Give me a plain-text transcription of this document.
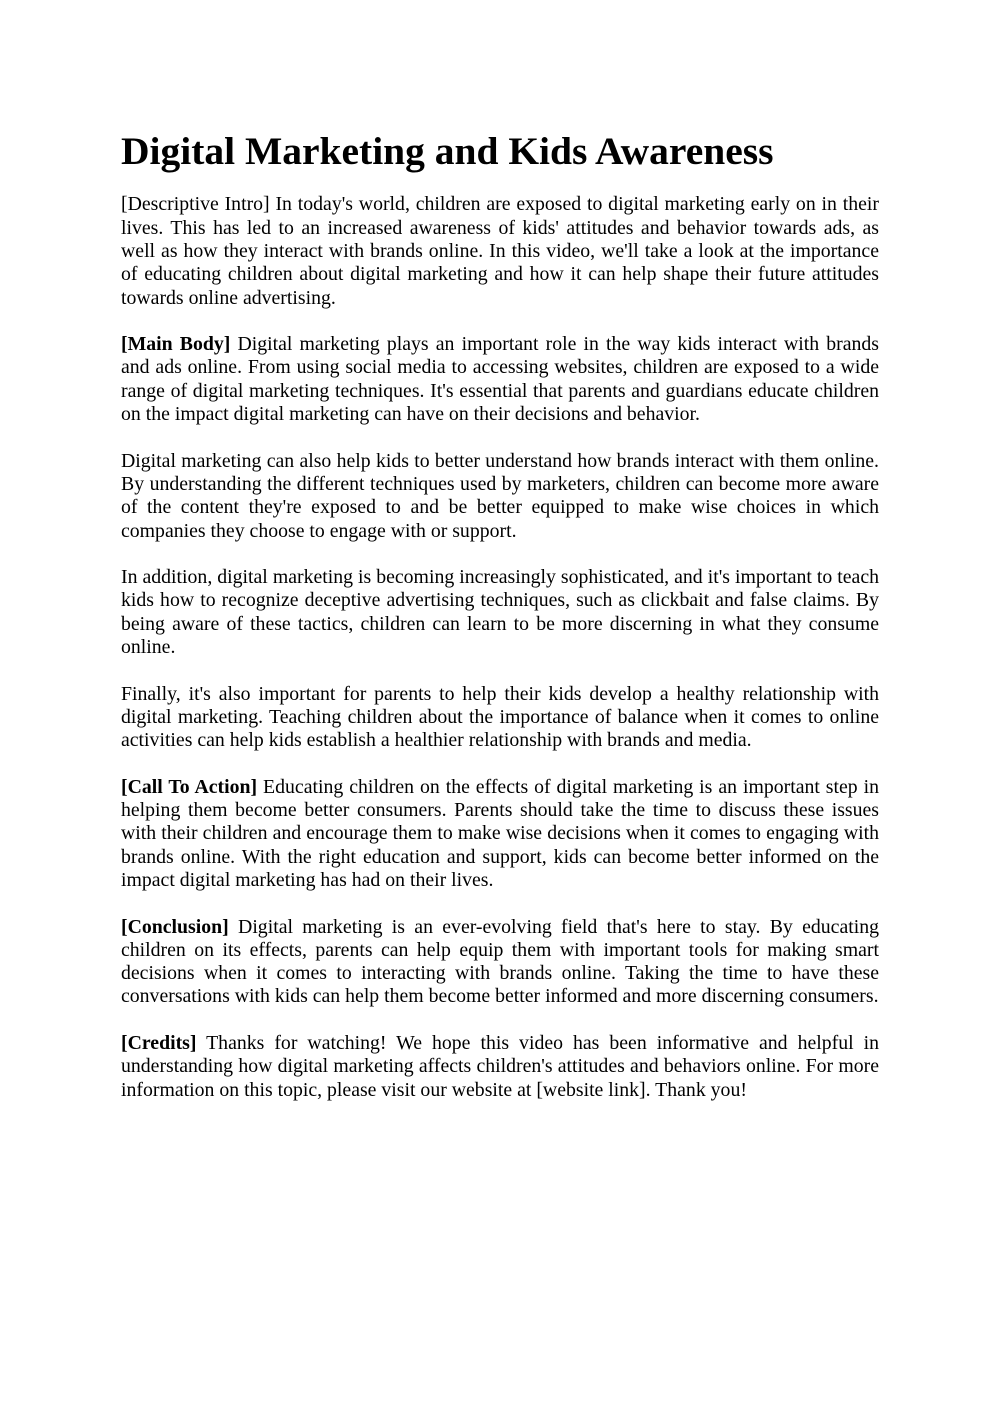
Digital Marketing and Kids Awareness

[Descriptive Intro] In today's world, children are exposed to digital marketing early on in their lives. This has led to an increased awareness of kids' attitudes and behavior towards ads, as well as how they interact with brands online. In this video, we'll take a look at the importance of educating children about digital marketing and how it can help shape their future attitudes towards online advertising.

[Main Body] Digital marketing plays an important role in the way kids interact with brands and ads online. From using social media to accessing websites, children are exposed to a wide range of digital marketing techniques. It's essential that parents and guardians educate children on the impact digital marketing can have on their decisions and behavior.

Digital marketing can also help kids to better understand how brands interact with them online. By understanding the different techniques used by marketers, children can become more aware of the content they're exposed to and be better equipped to make wise choices in which companies they choose to engage with or support.

In addition, digital marketing is becoming increasingly sophisticated, and it's important to teach kids how to recognize deceptive advertising techniques, such as clickbait and false claims. By being aware of these tactics, children can learn to be more discerning in what they consume online.

Finally, it's also important for parents to help their kids develop a healthy relationship with digital marketing. Teaching children about the importance of balance when it comes to online activities can help kids establish a healthier relationship with brands and media.

[Call To Action] Educating children on the effects of digital marketing is an important step in helping them become better consumers. Parents should take the time to discuss these issues with their children and encourage them to make wise decisions when it comes to engaging with brands online. With the right education and support, kids can become better informed on the impact digital marketing has had on their lives.

[Conclusion] Digital marketing is an ever-evolving field that's here to stay. By educating children on its effects, parents can help equip them with important tools for making smart decisions when it comes to interacting with brands online. Taking the time to have these conversations with kids can help them become better informed and more discerning consumers.

[Credits] Thanks for watching! We hope this video has been informative and helpful in understanding how digital marketing affects children's attitudes and behaviors online. For more information on this topic, please visit our website at [website link]. Thank you!
